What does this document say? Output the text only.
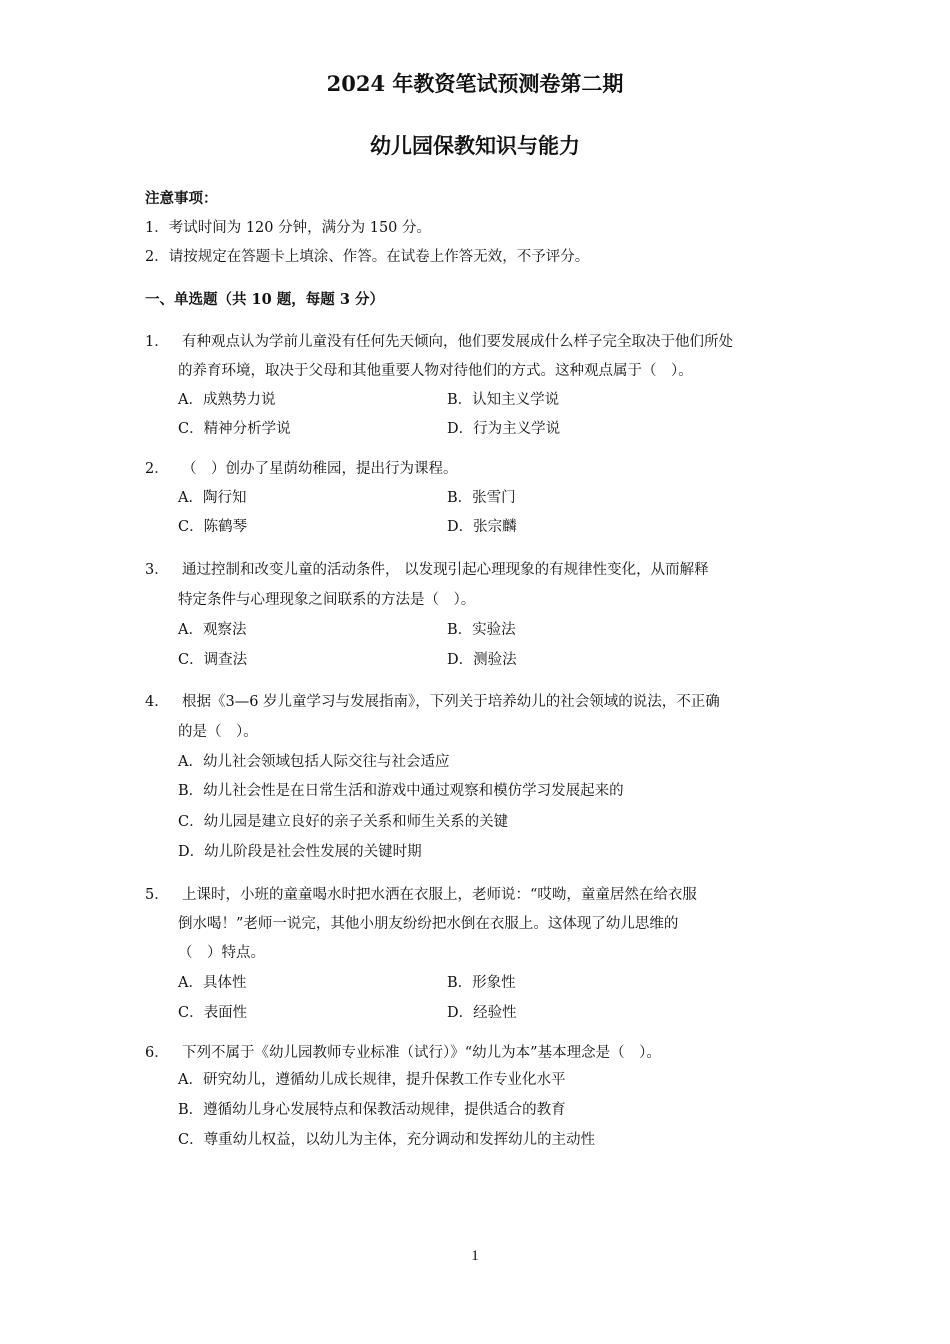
2024 年教资笔试预测卷第二期
幼儿园保教知识与能力
注意事项：
1．考试时间为 120 分钟，满分为 150 分。
2．请按规定在答题卡上填涂、作答。在试卷上作答无效，不予评分。
一、单选题（共 10 题，每题 3 分）
1． 有种观点认为学前儿童没有任何先天倾向，他们要发展成什么样子完全取决于他们所处
的养育环境，取决于父母和其他重要人物对待他们的方式。这种观点属于（　）。
A．成熟势力说	B．认知主义学说
C．精神分析学说	D．行为主义学说
2． （　）创办了星荫幼稚园，提出行为课程。
A．陶行知	B．张雪门
C．陈鹤琴	D．张宗麟
3． 通过控制和改变儿童的活动条件， 以发现引起心理现象的有规律性变化，从而解释
特定条件与心理现象之间联系的方法是（　）。
A．观察法	B．实验法
C．调查法	D．测验法
4． 根据《3—6 岁儿童学习与发展指南》，下列关于培养幼儿的社会领域的说法，不正确
的是（　）。
A．幼儿社会领域包括人际交往与社会适应
B．幼儿社会性是在日常生活和游戏中通过观察和模仿学习发展起来的
C．幼儿园是建立良好的亲子关系和师生关系的关键
D．幼儿阶段是社会性发展的关键时期
5． 上课时，小班的童童喝水时把水洒在衣服上，老师说：“哎呦，童童居然在给衣服
倒水喝！”老师一说完，其他小朋友纷纷把水倒在衣服上。这体现了幼儿思维的
（　）特点。
A．具体性	B．形象性
C．表面性	D．经验性
6． 下列不属于《幼儿园教师专业标准（试行）》“幼儿为本”基本理念是（　）。
A．研究幼儿，遵循幼儿成长规律，提升保教工作专业化水平
B．遵循幼儿身心发展特点和保教活动规律，提供适合的教育
C．尊重幼儿权益，以幼儿为主体，充分调动和发挥幼儿的主动性
1
